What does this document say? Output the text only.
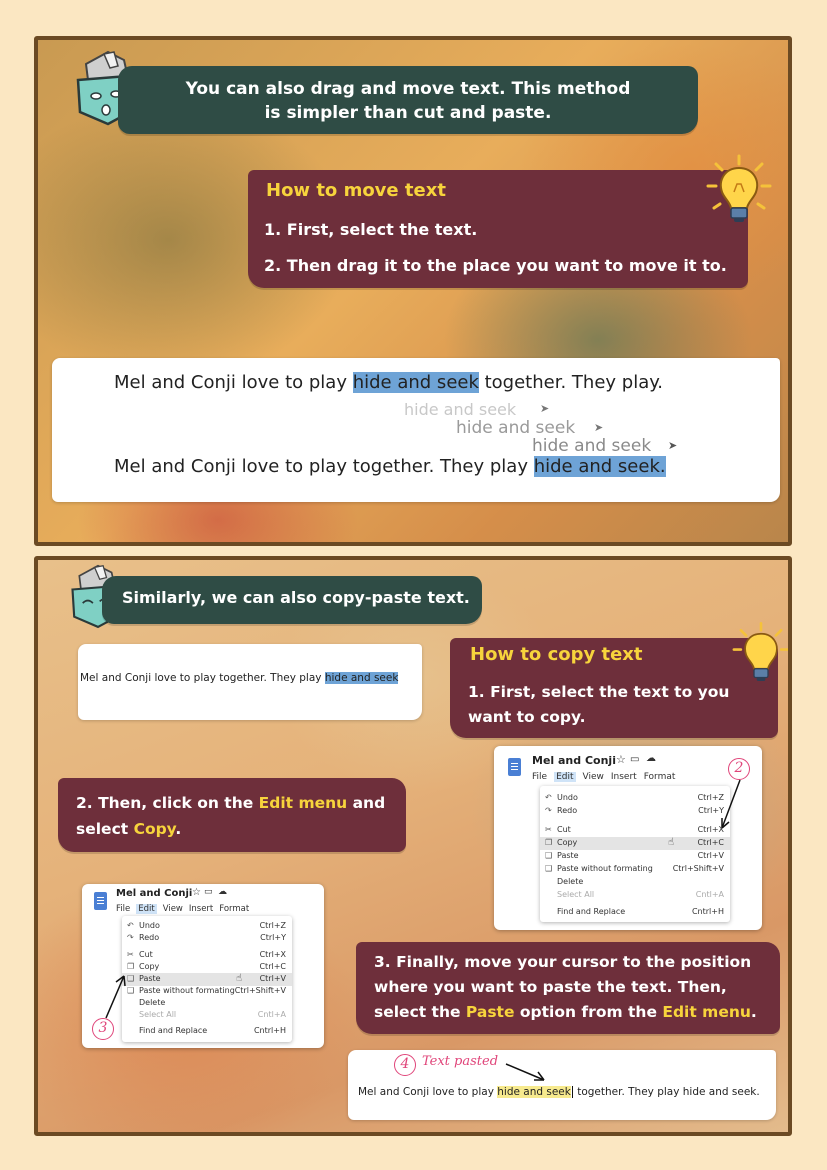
You can also drag and move text. This method is simpler than cut and paste.
How to move text
1. First, select the text.
2. Then drag it to the place you want to move it to.
Mel and Conji love to play hide and seek together. They play.
hide and seek ➤
hide and seek ➤
hide and seek ➤
Mel and Conji love to play together. They play hide and seek.
Similarly, we can also copy-paste text.
Mel and Conji love to play together. They play hide and seek
How to copy text
1. First, select the text to you want to copy.
Mel and Conji ☆ ▭ ☁
File Edit View Insert Format
↶ Undo	Ctrl+Z
↷ Redo	Ctrl+Y
✂ Cut	Ctrl+X
❐ Copy	☝	Ctrl+C
❑ Paste	Ctrl+V
❑ Paste without formating Ctrl+Shift+V
Delete
Select All	Cntl+A
Find and Replace	Cntrl+H
2
2. Then, click on the Edit menu and select Copy.
Mel and Conji ☆ ▭ ☁
File Edit View Insert Format
↶ Undo	Ctrl+Z
↷ Redo	Ctrl+Y
✂ Cut	Ctrl+X
❐ Copy	Ctrl+C
❑ Paste	☝ Ctrl+V
❑ Paste without formating Ctrl+Shift+V
Delete
Select All	Cntl+A
Find and Replace	Cntrl+H
3
3. Finally, move your cursor to the position where you want to paste the text. Then, select the Paste option from the Edit menu.
4 Text pasted
Mel and Conji love to play hide and seek together. They play hide and seek.
